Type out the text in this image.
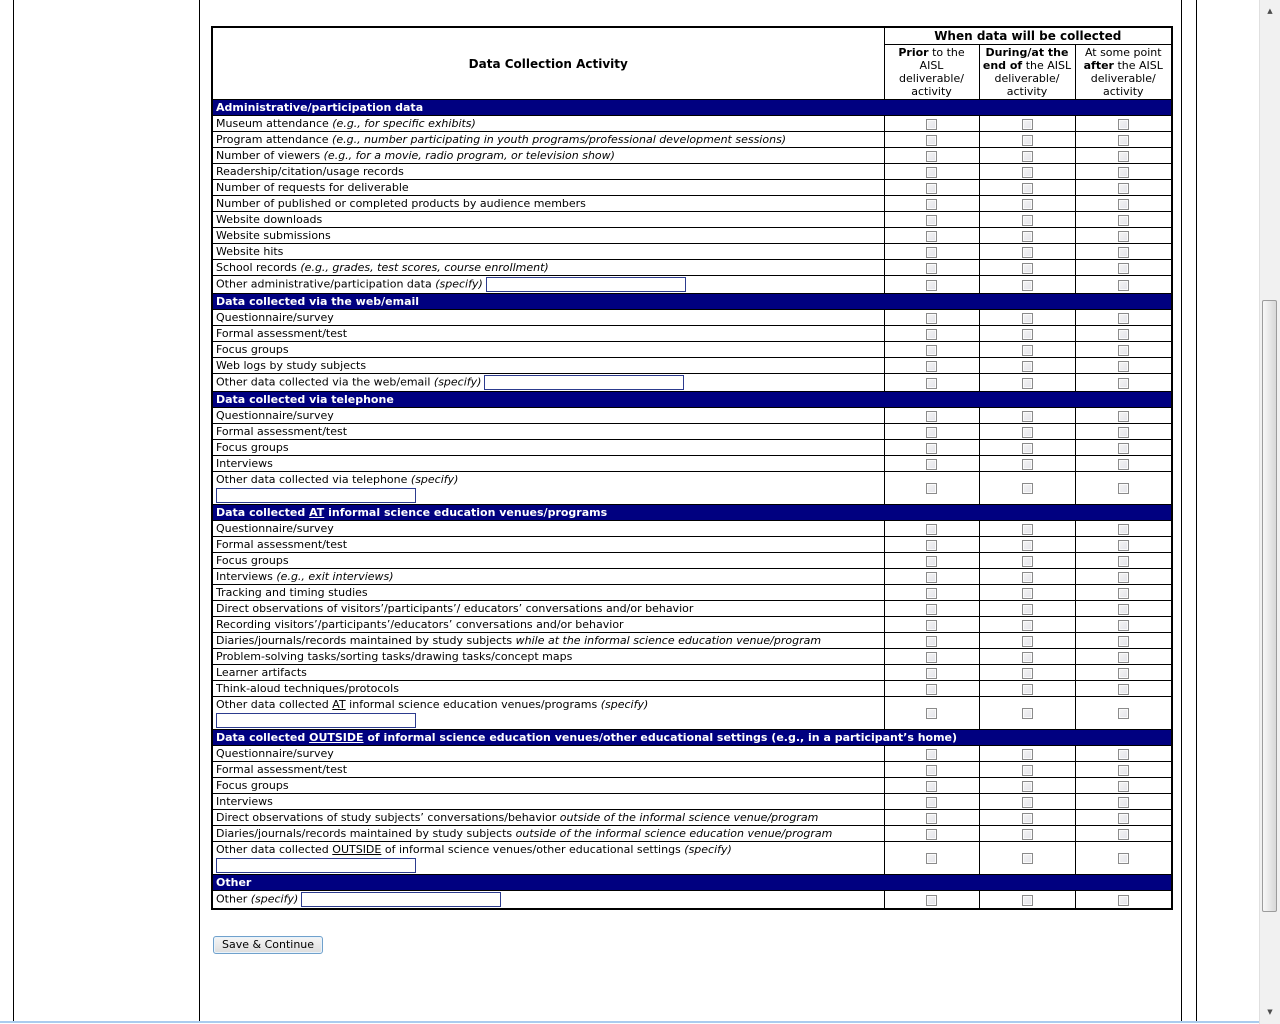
Data Collection Activity	When data will be collected		
	Prior to the AISL deliverable/ activity	During/at the end of the AISL deliverable/ activity	At some point after the AISL deliverable/ activity
Administrative/participation data			
Museum attendance (e.g., for specific exhibits)			
Program attendance (e.g., number participating in youth programs/professional development sessions)			
Number of viewers (e.g., for a movie, radio program, or television show)			
Readership/citation/usage records			
Number of requests for deliverable			
Number of published or completed products by audience members			
Website downloads			
Website submissions			
Website hits			
School records (e.g., grades, test scores, course enrollment)			
Other administrative/participation data (specify)			
Data collected via the web/email			
Questionnaire/survey			
Formal assessment/test			
Focus groups			
Web logs by study subjects			
Other data collected via the web/email (specify)			
Data collected via telephone			
Questionnaire/survey			
Formal assessment/test			
Focus groups			
Interviews			
Other data collected via telephone (specify)

Data collected AT informal science education venues/programs			
Questionnaire/survey			
Formal assessment/test			
Focus groups			
Interviews (e.g., exit interviews)			
Tracking and timing studies			
Direct observations of visitors’/participants’/ educators’ conversations and/or behavior			
Recording visitors’/participants’/educators’ conversations and/or behavior			
Diaries/journals/records maintained by study subjects while at the informal science education venue/program			
Problem-solving tasks/sorting tasks/drawing tasks/concept maps			
Learner artifacts			
Think-aloud techniques/protocols			
Other data collected AT informal science education venues/programs (specify)

Data collected OUTSIDE of informal science education venues/other educational settings (e.g., in a participant’s home)			
Questionnaire/survey			
Formal assessment/test			
Focus groups			
Interviews			
Direct observations of study subjects’ conversations/behavior outside of the informal science venue/program			
Diaries/journals/records maintained by study subjects outside of the informal science education venue/program			
Other data collected OUTSIDE of informal science venues/other educational settings (specify)

Other			
Other (specify)			
Save & Continue
▲
▼
